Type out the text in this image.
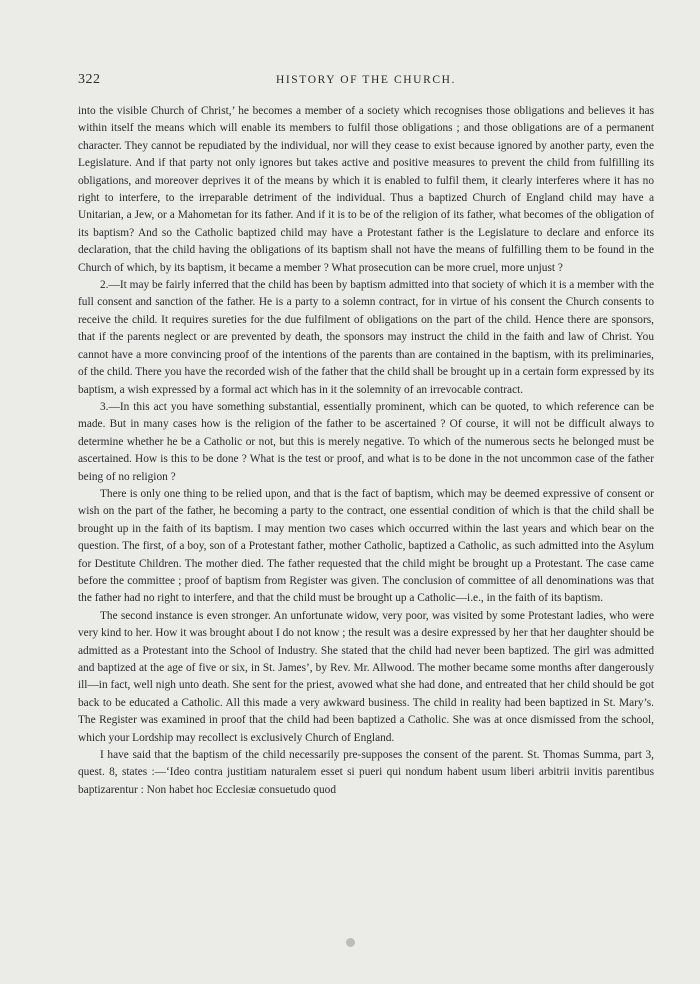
322	HISTORY OF THE CHURCH.

into the visible Church of Christ,’ he becomes a member of a society which recognises those obligations and believes it has within itself the means which will enable its members to fulfil those obligations ; and those obligations are of a permanent character. They cannot be repudiated by the individual, nor will they cease to exist because ignored by another party, even the Legislature. And if that party not only ignores but takes active and positive measures to prevent the child from fulfilling its obligations, and moreover deprives it of the means by which it is enabled to fulfil them, it clearly interferes where it has no right to interfere, to the irreparable detriment of the individual. Thus a baptized Church of England child may have a Unitarian, a Jew, or a Mahometan for its father. And if it is to be of the religion of its father, what becomes of the obligation of its baptism? And so the Catholic baptized child may have a Protestant father is the Legislature to declare and enforce its declaration, that the child having the obligations of its baptism shall not have the means of fulfilling them to be found in the Church of which, by its baptism, it became a member ? What prosecution can be more cruel, more unjust ?

2.—It may be fairly inferred that the child has been by baptism admitted into that society of which it is a member with the full consent and sanction of the father. He is a party to a solemn contract, for in virtue of his consent the Church consents to receive the child. It requires sureties for the due fulfilment of obligations on the part of the child. Hence there are sponsors, that if the parents neglect or are prevented by death, the sponsors may instruct the child in the faith and law of Christ. You cannot have a more convincing proof of the intentions of the parents than are contained in the baptism, with its preliminaries, of the child. There you have the recorded wish of the father that the child shall be brought up in a certain form expressed by its baptism, a wish expressed by a formal act which has in it the solemnity of an irrevocable contract.

3.—In this act you have something substantial, essentially prominent, which can be quoted, to which reference can be made. But in many cases how is the religion of the father to be ascertained ? Of course, it will not be difficult always to determine whether he be a Catholic or not, but this is merely negative. To which of the numerous sects he belonged must be ascertained. How is this to be done ? What is the test or proof, and what is to be done in the not uncommon case of the father being of no religion ?

There is only one thing to be relied upon, and that is the fact of baptism, which may be deemed expressive of consent or wish on the part of the father, he becoming a party to the contract, one essential condition of which is that the child shall be brought up in the faith of its baptism. I may mention two cases which occurred within the last years and which bear on the question. The first, of a boy, son of a Protestant father, mother Catholic, baptized a Catholic, as such admitted into the Asylum for Destitute Children. The mother died. The father requested that the child might be brought up a Protestant. The case came before the committee ; proof of baptism from Register was given. The conclusion of committee of all denominations was that the father had no right to interfere, and that the child must be brought up a Catholic—i.e., in the faith of its baptism.

The second instance is even stronger. An unfortunate widow, very poor, was visited by some Protestant ladies, who were very kind to her. How it was brought about I do not know ; the result was a desire expressed by her that her daughter should be admitted as a Protestant into the School of Industry. She stated that the child had never been baptized. The girl was admitted and baptized at the age of five or six, in St. James’, by Rev. Mr. Allwood. The mother became some months after dangerously ill—in fact, well nigh unto death. She sent for the priest, avowed what she had done, and entreated that her child should be got back to be educated a Catholic. All this made a very awkward business. The child in reality had been baptized in St. Mary’s. The Register was examined in proof that the child had been baptized a Catholic. She was at once dismissed from the school, which your Lordship may recollect is exclusively Church of England.

I have said that the baptism of the child necessarily pre-supposes the consent of the parent. St. Thomas Summa, part 3, quest. 8, states :—‘Ideo contra justitiam naturalem esset si pueri qui nondum habent usum liberi arbitrii invitis parentibus baptizarentur : Non habet hoc Ecclesiæ consuetudo quod
